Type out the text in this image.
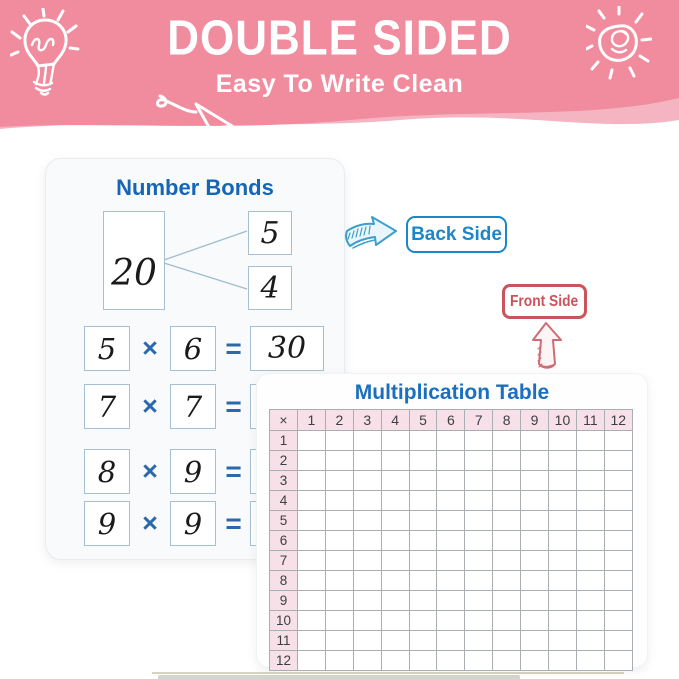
DOUBLE SIDED
Easy To Write Clean
Number Bonds
20
5
4
5 × 6 = 30
7 × 7 =
8 × 9 =
9 × 9 =
Multiplication Table
×	1	2	3	4	5	6	7	8	9	10	11	12
1												
2												
3												
4												
5												
6												
7												
8												
9												
10												
11												
12												
Back Side
Front Side
